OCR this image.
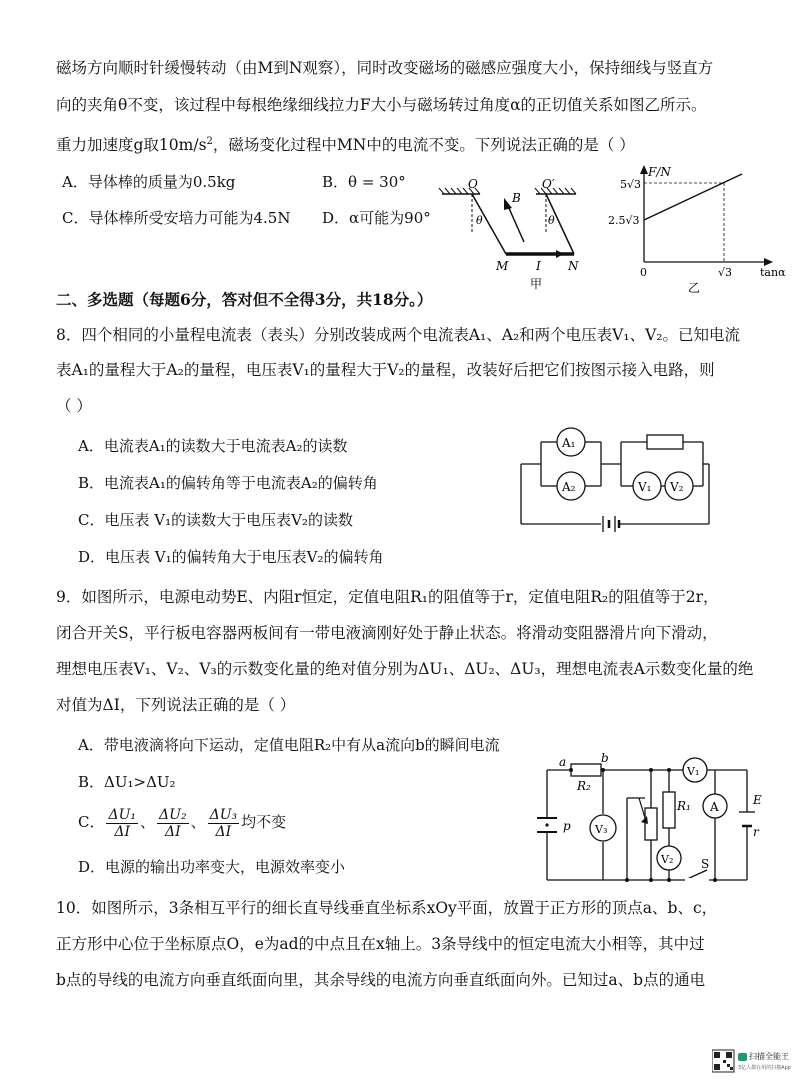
磁场方向顺时针缓慢转动（由M到N观察），同时改变磁场的磁感应强度大小，保持细线与竖直方
向的夹角θ不变，该过程中每根绝缘细线拉力F大小与磁场转过角度α的正切值关系如图乙所示。
重力加速度g取$10m/s^2$，磁场变化过程中MN中的电流不变。下列说法正确的是（ ）
A．导体棒的质量为0.5kg	B．θ = 30°
C．导体棒所受安培力可能为4.5N D．α可能为90°
O	O′
B
θ	θ
M I N
甲
F/N
5√3
2.5√3
0	√3	tanα
乙
二、多选题（每题6分，答对但不全得3分，共18分。）
8．四个相同的小量程电流表（表头）分别改装成两个电流表A₁、A₂和两个电压表V₁、V₂。已知电流
表A₁的量程大于A₂的量程，电压表V₁的量程大于V₂的量程，改装好后把它们按图示接入电路，则
（ ）
A．电流表A₁的读数大于电流表A₂的读数
B．电流表A₁的偏转角等于电流表A₂的偏转角
C．电压表 V₁的读数大于电压表V₂的读数
D．电压表 V₁的偏转角大于电压表V₂的偏转角
A₁
A₂	V₁ V₂
9．如图所示，电源电动势E、内阻r恒定，定值电阻R₁的阻值等于r，定值电阻R₂的阻值等于2r，
闭合开关S，平行板电容器两板间有一带电液滴刚好处于静止状态。将滑动变阻器滑片向下滑动，
理想电压表V₁、V₂、V₃的示数变化量的绝对值分别为ΔU₁、ΔU₂、ΔU₃，理想电流表A示数变化量的绝
对值为ΔI，下列说法正确的是（ ）
A．带电液滴将向下运动，定值电阻R₂中有从a流向b的瞬间电流
B．ΔU₁>ΔU₂
C． $\frac{\text{ΔU₁}}{\Delta I}$ 、 $\frac{\text{ΔU₂}}{\Delta I}$ 、 $\frac{\text{ΔU₃}}{\Delta I}$ 均不变
D．电源的输出功率变大，电源效率变小
a	b
R₂
p V₃
R₁
V₁
V₂
A	E
r
S
10．如图所示，3条相互平行的细长直导线垂直坐标系xOy平面，放置于正方形的顶点a、b、c，
正方形中心位于坐标原点O，e为ad的中点且在x轴上。3条导线中的恒定电流大小相等，其中过
b点的导线的电流方向垂直纸面向里，其余导线的电流方向垂直纸面向外。已知过a、b点的通电
扫描全能王
3亿人都在用的扫描App
